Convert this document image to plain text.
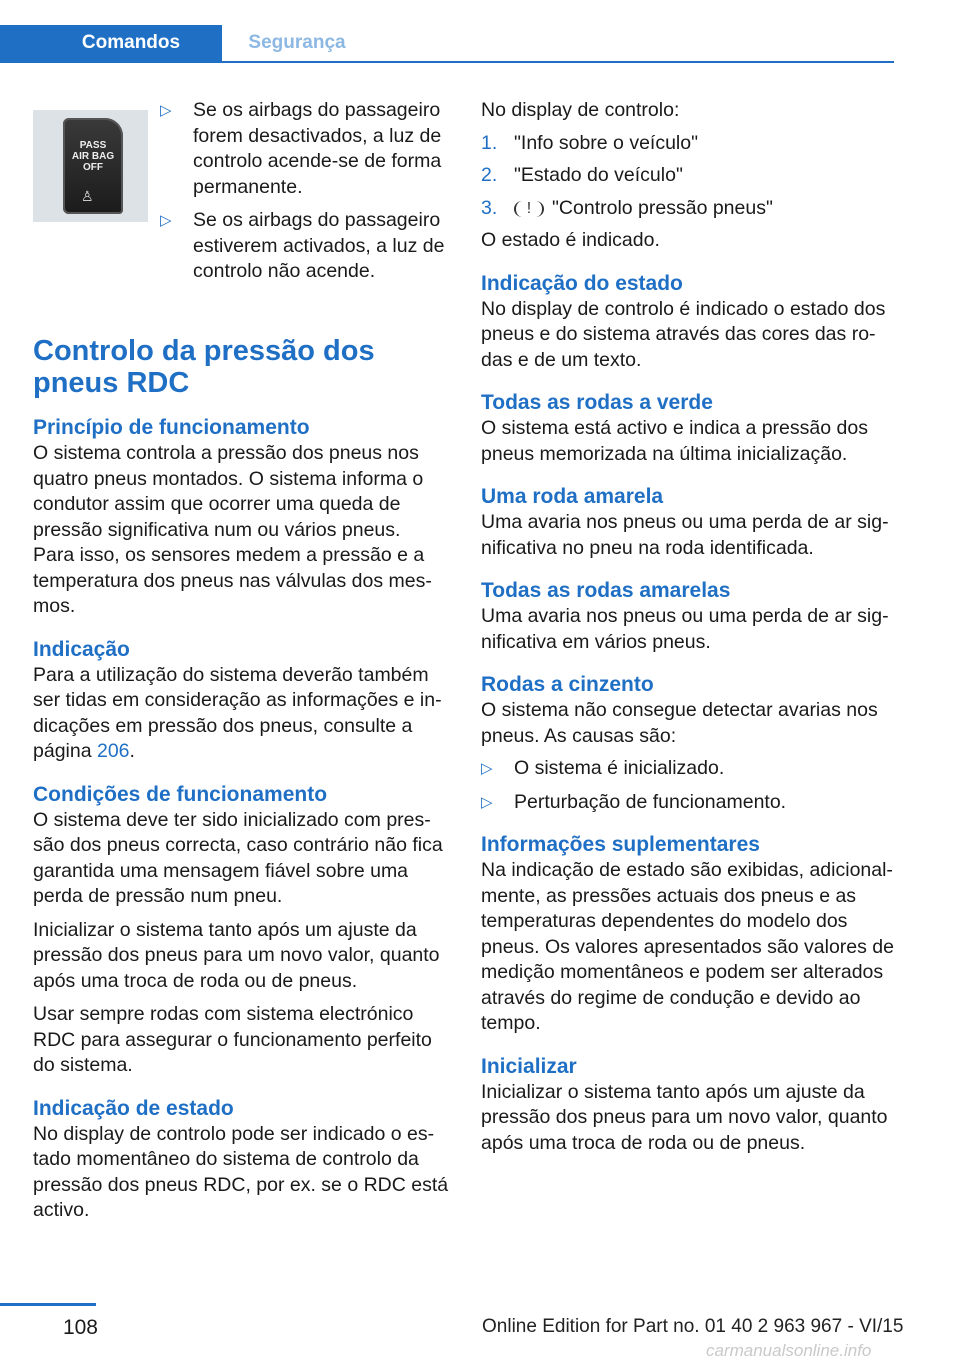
Comandos	Segurança
PASS
AIR BAG
OFF
♙
▷ Se os airbags do passageiro forem desactivados, a luz de controlo acende-se de forma permanente.
▷ Se os airbags do passageiro estiverem activados, a luz de controlo não acende.
Controlo da pressão dos pneus RDC
Princípio de funcionamento

O sistema controla a pressão dos pneus nos quatro pneus montados. O sistema informa o condutor assim que ocorrer uma queda de pressão significativa num ou vários pneus.

Para isso, os sensores medem a pressão e a temperatura dos pneus nas válvulas dos mes-mos.

Indicação

Para a utilização do sistema deverão também ser tidas em consideração as informações e in-dicações em pressão dos pneus, consulte a página 206.

Condições de funcionamento

O sistema deve ter sido inicializado com pres-são dos pneus correcta, caso contrário não fica garantida uma mensagem fiável sobre uma perda de pressão num pneu.

Inicializar o sistema tanto após um ajuste da pressão dos pneus para um novo valor, quanto após uma troca de roda ou de pneus.

Usar sempre rodas com sistema electrónico RDC para assegurar o funcionamento perfeito do sistema.

Indicação de estado

No display de controlo pode ser indicado o es-tado momentâneo do sistema de controlo da pressão dos pneus RDC, por ex. se o RDC está activo.

No display de controlo:

1. "Info sobre o veículo"
2. "Estado do veículo"
3. ! "Controlo pressão pneus"

O estado é indicado.

Indicação do estado

No display de controlo é indicado o estado dos pneus e do sistema através das cores das ro-das e de um texto.

Todas as rodas a verde

O sistema está activo e indica a pressão dos pneus memorizada na última inicialização.

Uma roda amarela

Uma avaria nos pneus ou uma perda de ar sig-nificativa no pneu na roda identificada.

Todas as rodas amarelas

Uma avaria nos pneus ou uma perda de ar sig-nificativa em vários pneus.

Rodas a cinzento

O sistema não consegue detectar avarias nos pneus. As causas são:

▷ O sistema é inicializado.
▷ Perturbação de funcionamento.
Informações suplementares

Na indicação de estado são exibidas, adicional-mente, as pressões actuais dos pneus e as temperaturas dependentes do modelo dos pneus. Os valores apresentados são valores de medição momentâneos e podem ser alterados através do regime de condução e devido ao tempo.

Inicializar

Inicializar o sistema tanto após um ajuste da pressão dos pneus para um novo valor, quanto após uma troca de roda ou de pneus.

108	Online Edition for Part no. 01 40 2 963 967 - VI/15
carmanualsonline.info
